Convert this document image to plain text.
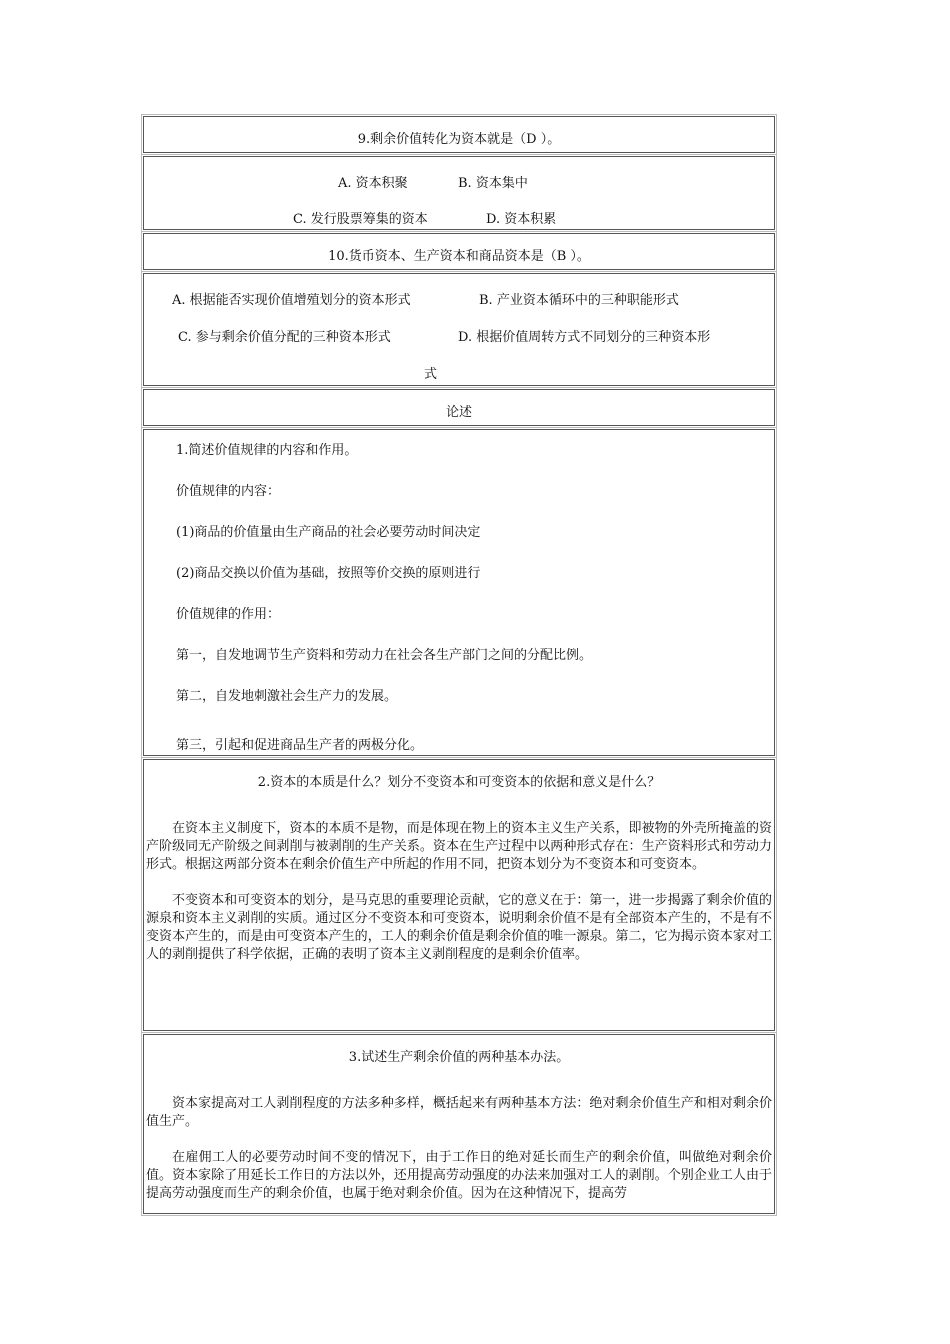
9.剩余价值转化为资本就是（D ）。
A. 资本积聚	B. 资本集中
C. 发行股票筹集的资本	D. 资本积累
10.货币资本、生产资本和商品资本是（B ）。
A. 根据能否实现价值增殖划分的资本形式	B. 产业资本循环中的三种职能形式
C. 参与剩余价值分配的三种资本形式	D. 根据价值周转方式不同划分的三种资本形
式
论述
1.简述价值规律的内容和作用。
价值规律的内容：
(1)商品的价值量由生产商品的社会必要劳动时间决定
(2)商品交换以价值为基础，按照等价交换的原则进行
价值规律的作用：
第一，自发地调节生产资料和劳动力在社会各生产部门之间的分配比例。
第二，自发地刺激社会生产力的发展。
第三，引起和促进商品生产者的两极分化。
2.资本的本质是什么？划分不变资本和可变资本的依据和意义是什么？

在资本主义制度下，资本的本质不是物，而是体现在物上的资本主义生产关系，即被物的外壳所掩盖的资产阶级同无产阶级之间剥削与被剥削的生产关系。资本在生产过程中以两种形式存在：生产资料形式和劳动力形式。根据这两部分资本在剩余价值生产中所起的作用不同，把资本划分为不变资本和可变资本。

不变资本和可变资本的划分，是马克思的重要理论贡献，它的意义在于：第一，进一步揭露了剩余价值的源泉和资本主义剥削的实质。通过区分不变资本和可变资本，说明剩余价值不是有全部资本产生的，不是有不变资本产生的，而是由可变资本产生的，工人的剩余价值是剩余价值的唯一源泉。第二，它为揭示资本家对工人的剥削提供了科学依据，正确的表明了资本主义剥削程度的是剩余价值率。

3.试述生产剩余价值的两种基本办法。

资本家提高对工人剥削程度的方法多种多样，概括起来有两种基本方法：绝对剩余价值生产和相对剩余价值生产。

在雇佣工人的必要劳动时间不变的情况下，由于工作日的绝对延长而生产的剩余价值，叫做绝对剩余价值。资本家除了用延长工作日的方法以外，还用提高劳动强度的办法来加强对工人的剥削。个别企业工人由于提高劳动强度而生产的剩余价值，也属于绝对剩余价值。因为在这种情况下，提高劳
